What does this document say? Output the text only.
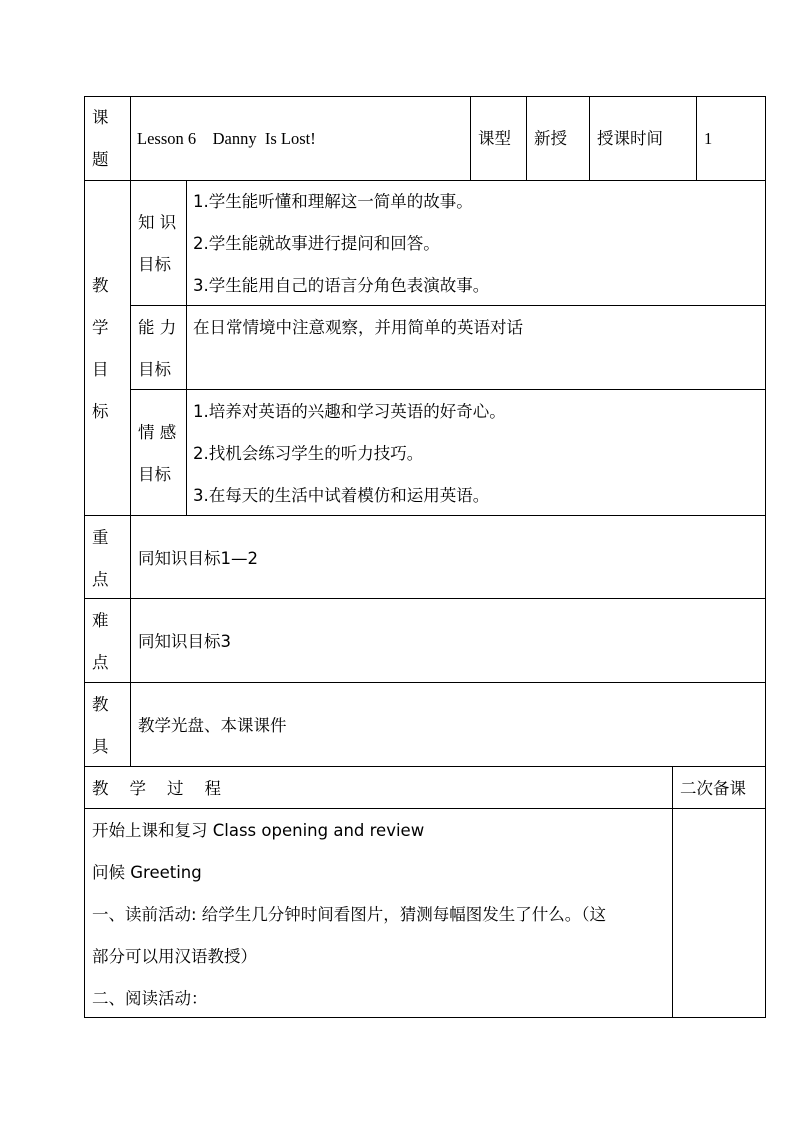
课
题
Lesson 6    Danny  Is Lost!	课型 新授 授课时间 1
教
学
目
标
知 识
目标
1.学生能听懂和理解这一简单的故事。
2.学生能就故事进行提问和回答。
3.学生能用自己的语言分角色表演故事。
能 力
目标
在日常情境中注意观察，并用简单的英语对话
情 感
目标
1.培养对英语的兴趣和学习英语的好奇心。
2.找机会练习学生的听力技巧。
3.在每天的生活中试着模仿和运用英语。
重
点
同知识目标1—2
难
点
同知识目标3
教
具
教学光盘、本课课件
教    学    过    程	二次备课
开始上课和复习 Class opening and review
问候 Greeting
一、读前活动: 给学生几分钟时间看图片，猜测每幅图发生了什么。（这
部分可以用汉语教授）
二、阅读活动：
